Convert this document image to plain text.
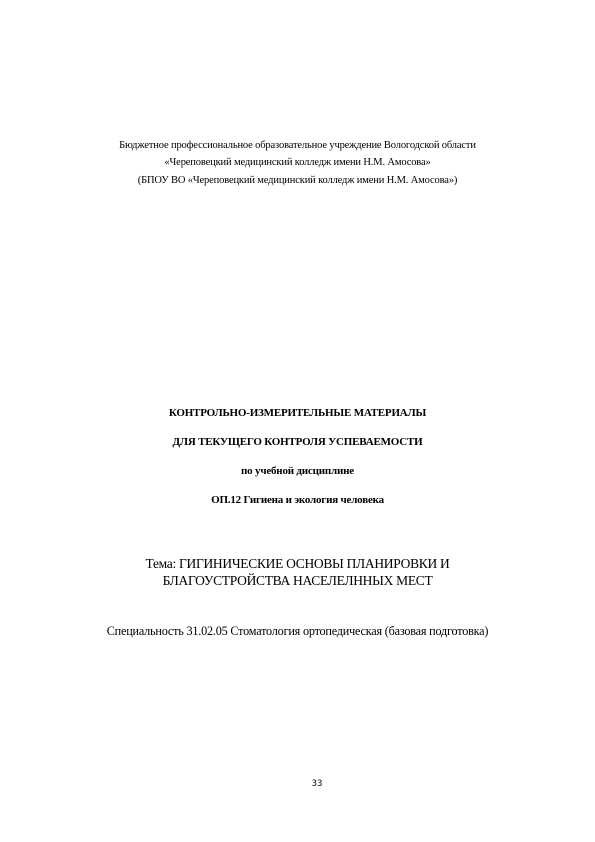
Бюджетное профессиональное образовательное учреждение Вологодской области
«Череповецкий медицинский колледж имени Н.М. Амосова»
(БПОУ ВО «Череповецкий медицинский колледж имени Н.М. Амосова»)
КОНТРОЛЬНО-ИЗМЕРИТЕЛЬНЫЕ МАТЕРИАЛЫ
ДЛЯ ТЕКУЩЕГО КОНТРОЛЯ УСПЕВАЕМОСТИ
по учебной дисциплине
ОП.12 Гигиена и экология человека
Тема: ГИГИНИЧЕСКИЕ ОСНОВЫ ПЛАНИРОВКИ И
БЛАГОУСТРОЙСТВА НАСЕЛЕЛННЫХ МЕСТ
Специальность 31.02.05 Стоматология ортопедическая (базовая подготовка)
33
